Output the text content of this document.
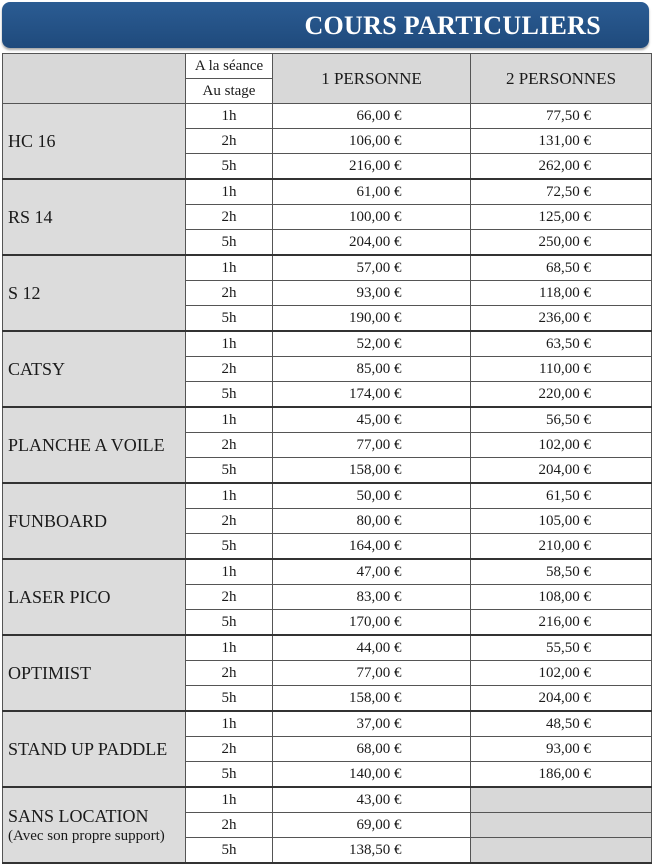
COURS PARTICULIERS
	A la séance	1 PERSONNE	2 PERSONNES
	Au stage		

HC 16	1h	66,00 €	77,50 €
	2h	106,00 €	131,00 €
	5h	216,00 €	262,00 €

RS 14	1h	61,00 €	72,50 €
	2h	100,00 €	125,00 €
	5h	204,00 €	250,00 €

S 12	1h	57,00 €	68,50 €
	2h	93,00 €	118,00 €
	5h	190,00 €	236,00 €

CATSY	1h	52,00 €	63,50 €
	2h	85,00 €	110,00 €
	5h	174,00 €	220,00 €

PLANCHE A VOILE	1h	45,00 €	56,50 €
	2h	77,00 €	102,00 €
	5h	158,00 €	204,00 €

FUNBOARD	1h	50,00 €	61,50 €
	2h	80,00 €	105,00 €
	5h	164,00 €	210,00 €

LASER PICO	1h	47,00 €	58,50 €
	2h	83,00 €	108,00 €
	5h	170,00 €	216,00 €

OPTIMIST	1h	44,00 €	55,50 €
	2h	77,00 €	102,00 €
	5h	158,00 €	204,00 €

STAND UP PADDLE	1h	37,00 €	48,50 €
	2h	68,00 €	93,00 €
	5h	140,00 €	186,00 €

SANS LOCATION
(Avec son propre support)	1h	43,00 €	
	2h	69,00 €	
	5h	138,50 €	
